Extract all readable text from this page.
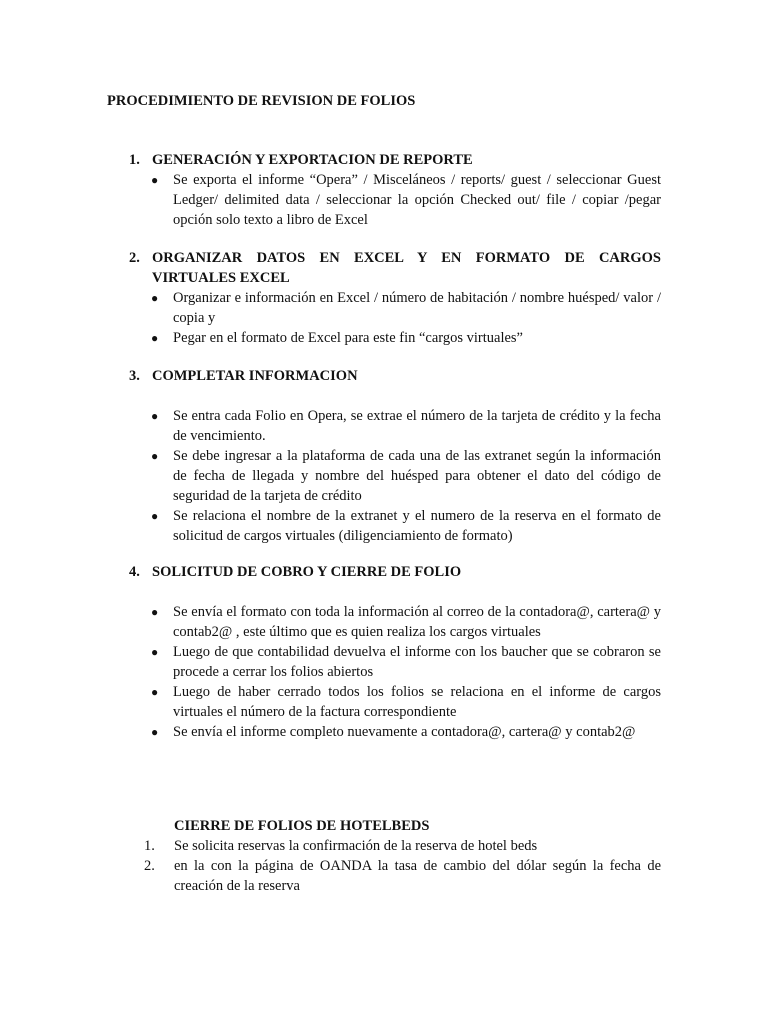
PROCEDIMIENTO DE REVISION DE FOLIOS
1. GENERACIÓN Y EXPORTACION DE REPORTE
●	Se exporta el informe “Opera” / Misceláneos / reports/ guest / seleccionar Guest Ledger/ delimited data / seleccionar la opción Checked out/ file / copiar /pegar opción solo texto a libro de Excel
2. ORGANIZAR DATOS EN EXCEL Y EN FORMATO DE CARGOS VIRTUALES EXCEL
●	Organizar e información en Excel / número de habitación / nombre huésped/ valor / copia y
●	Pegar en el formato de Excel para este fin “cargos virtuales”
3. COMPLETAR INFORMACION
●	Se entra cada Folio en Opera, se extrae el número de la tarjeta de crédito y la fecha de vencimiento.
●	Se debe ingresar a la plataforma de cada una de las extranet según la información de fecha de llegada y nombre del huésped para obtener el dato del código de seguridad de la tarjeta de crédito
●	Se relaciona el nombre de la extranet y el numero de la reserva en el formato de solicitud de cargos virtuales (diligenciamiento de formato)
4. SOLICITUD DE COBRO Y CIERRE DE FOLIO
●	Se envía el formato con toda la información al correo de la contadora@, cartera@ y contab2@ , este último que es quien realiza los cargos virtuales
●	Luego de que contabilidad devuelva el informe con los baucher que se cobraron se procede a cerrar los folios abiertos
●	Luego de haber cerrado todos los folios se relaciona en el informe de cargos virtuales el número de la factura correspondiente
●	Se envía el informe completo nuevamente a contadora@, cartera@ y contab2@
CIERRE DE FOLIOS DE HOTELBEDS
1.	Se solicita reservas la confirmación de la reserva de hotel beds
2.	en la con la página de OANDA la tasa de cambio del dólar según la fecha de creación de la reserva
